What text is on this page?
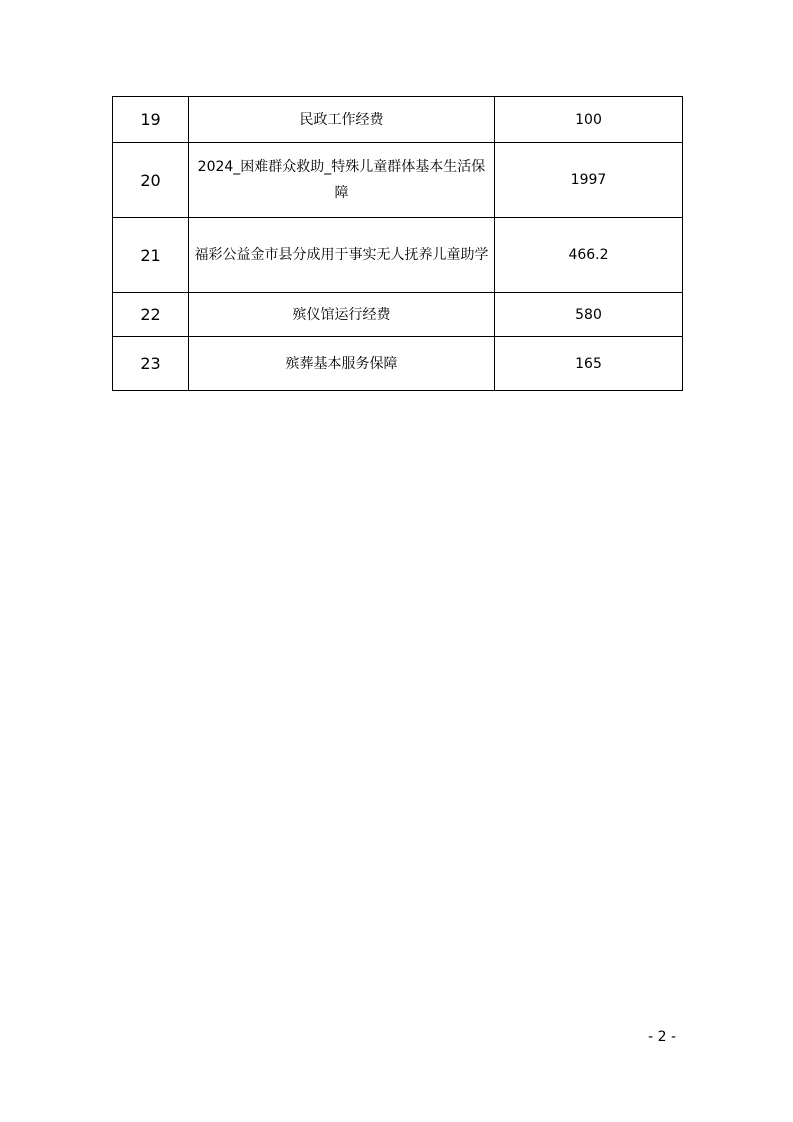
19	民政工作经费	100
20	2024_困难群众救助_特殊儿童群体基本生活保障	1997
21	福彩公益金市县分成用于事实无人抚养儿童助学	466.2
22	殡仪馆运行经费	580
23	殡葬基本服务保障	165
- 2 -
